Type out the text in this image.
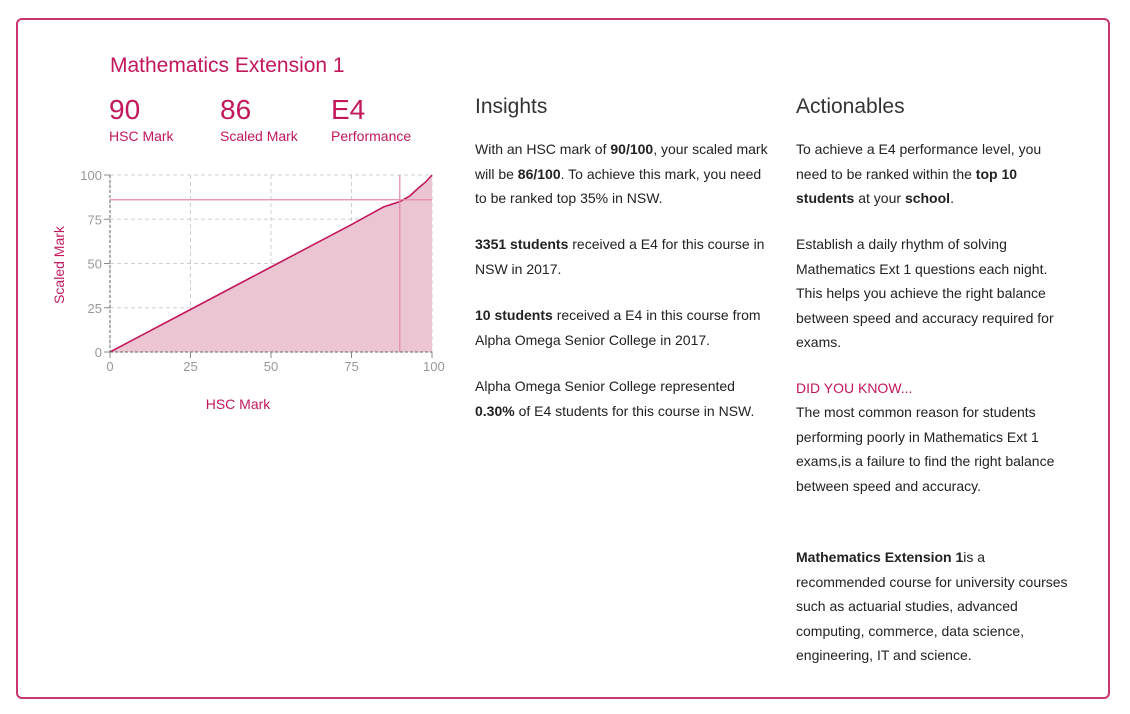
Mathematics Extension 1
90
HSC Mark
86
Scaled Mark
E4
Performance
0
25
50
75
100
0	25	50	75	100
HSC Mark
Scaled Mark
Insights

With an HSC mark of 90/100, your scaled mark will be 86/100. To achieve this mark, you need to be ranked top 35% in NSW.

3351 students received a E4 for this course in NSW in 2017.

10 students received a E4 in this course from Alpha Omega Senior College in 2017.

Alpha Omega Senior College represented 0.30% of E4 students for this course in NSW.

Actionables

To achieve a E4 performance level, you need to be ranked within the top 10 students at your school.

Establish a daily rhythm of solving Mathematics Ext 1 questions each night. This helps you achieve the right balance between speed and accuracy required for exams.

DID YOU KNOW...

The most common reason for students performing poorly in Mathematics Ext 1 exams,is a failure to find the right balance between speed and accuracy.

Mathematics Extension 1is a recommended course for university courses such as actuarial studies, advanced computing, commerce, data science, engineering, IT and science.
